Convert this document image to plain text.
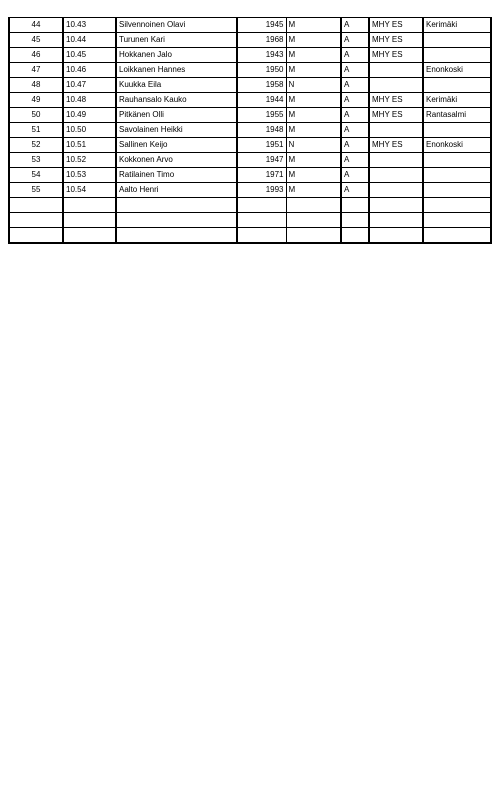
44	10.43	Silvennoinen Olavi	1945	M	A	MHY ES	Kerimäki
45	10.44	Turunen Kari	1968	M	A	MHY ES	
46	10.45	Hokkanen Jalo	1943	M	A	MHY ES	
47	10.46	Loikkanen Hannes	1950	M	A		Enonkoski
48	10.47	Kuukka Eila	1958	N	A		
49	10.48	Rauhansalo Kauko	1944	M	A	MHY ES	Kerimäki
50	10.49	Pitkänen Olli	1955	M	A	MHY ES	Rantasalmi
51	10.50	Savolainen Heikki	1948	M	A		
52	10.51	Sallinen Keijo	1951	N	A	MHY ES	Enonkoski
53	10.52	Kokkonen Arvo	1947	M	A		
54	10.53	Ratilainen Timo	1971	M	A		
55	10.54	Aalto Henri	1993	M	A		
